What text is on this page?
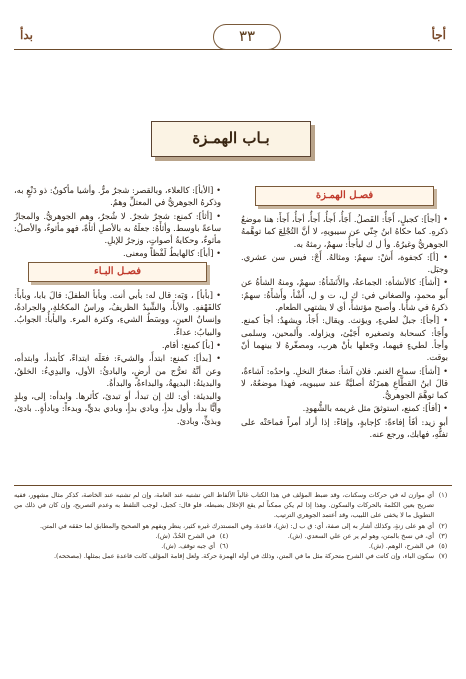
أجأ
٣٣
بدأ
بـاب الهمـزة
فصـل الهمـزة

• [أجأ]: كجبلٍ، أَجَأٌ: الفَصلُ. أَجَأُ، أَجأُ، أَجأٌ، أجأُ، أَجأَ: هنا موضعُ ذكرهِ. كما حكاهُ ابنُ جِنّي عن سيبويهِ، لا أنَّ التُجْلِعَ كما توهَّمهُ الجوهريُّ وغيرُهُ. وأ ل ك ليأجأُ: سهمٌ، رمثهُ به.

• [أ]: كجفوة، أَشْ: سهمٌ: ومثالهُ. أَجْ: فيس سن عشري. وجبَل.

• [أشأ]: كالأنشأة: الجماعةُ، والأَنَشَأةُ: سهمٌ، ومنهُ الشأةُ عن أَبو محمدٍ، والصغاني في: ك ل، ت و ل، أَشْأ، وأَشأَةُ: سهمٌ: ذكرهُ في شأَبا. وأصبح مؤتشأً، أي لا يشتهي الطعام.

• [أجأ]: جبلٌ لطيءٍ، ويؤنث. ويقال: أَجَأ، ويشهدُ: أجأ كمنع. وأَجَأ: كسحابة وتصغيره أَجَيْئ، ويزاوله. وأَلمحين، وسلمى وأجأ. لطيءٍ فيهما، وجَعلها بأنْ هرب، ومصغّرهُ لا بينهما أنّ بوقت.

• [أشأ]: سماع الغنم. فلان آشأ: صغارُ النخلِ. واحدُه: آشاءةٌ، قالَ ابنُ القطَّاعِ همزَتُهُ أصليَّةٌ عند سيبويه، فهذا موضعُهُ، لا كما توهَّمَ الجوهريُّ.

• [أفأ]: كمنع، استوثقَ مثل غريمه بالشُّهودِ.

أبو زيد: أفَأ إفاءةً: كإجابةٍ، وإفاءً: إذا أراد أمراً فماحَتْه على تفتُّهِ، فهابك، ورجع عنه.

• [الأبأ]: كالعلاء، وبالقصر: شجرٌ مرٌّ. وأشيا مأكونٌ: ذو دَنْعٍ به، وذكرهُ الجوهريُّ في المعتلِّ وهمٌ.

• [أثأ]: كمنع: شجرٌ شجرٌ. لا شُجرٌ، وهم الجوهريُّ. والمجازُ ساعةً باوسط. وأثأَهُ: جعلَهُ به بالأصلِ أثأةً، فهو مأثوءٌ، والأصلُ: مأثوءٌ، وحكايةُ أصواتٍ، وزجرُ للإبلِ.

• [أبأ]: كالهابطُ لَفْظاً ومعنى.

فصـل البـاء

• [بأبأ] ، وَبَه: قال له: بأبي أنت. وبأبأ الطفلَ: قالَ بابا، وبأبأَ: كالفَهْفهِ. والأبأَ، والشِّيدُ الظريفُ، وراسُ المكحُلةِ، والجرادةُ، وإنسانُ العينِ، ووسَطُ الشيءِ، وكثرة المرء. والبأبأُ: الجوابُ. والبيابُ: عداءٌ.

• [بأ] كمنع: أقام.

• [بدأ]: كمنع: ابتدأَ، والشيءَ: فعَلَه ابتداءً، كأبتدأ، وابتدأه، وعن أنَّهُ تعرُّج من أرضٍ، والبادئُ: الأول، والبدِيءُ: الخلقُ، والبديئةُ: البديهةُ، والبداءةُ، والبدأةُ.

والبديئة: أي: لك إن تبدأ، أو تبدئ، كأثرها. وابدأه: إلى، وبلدٍ وأيًّا بدأ، وأول بدأٍ، وبادي بدأٍ، وبادي بديٍّ، وبدءاً: وبادأةٍ.. بادئ، وبذئِّ، وبادئ.

(١)
أي موازن له في حركات وسكنات، وقد ضبط المؤلف في هذا الكتاب غالباً الألفاظ التي تشتبه عند العامة، وإن لم تشتبه عند الخاصة، كذكر مثال مشهور، ففيه تصريح بعين الكلمة بالحركات والسكون. وهذا إذا لم يكن ممكناً لم يقع الإخلال بضبطه. فلو قال: كجبل، لوجب التلفظ به وعدم التصريح، وإن كان في ذلك من التطويل ما لا يخفى على اللبيب، وقد أعتمد الجوهري الترتيب.
(٢)
أي هو على زنةٍ، وكذلك أشار به إلى صفة، أي: ق ب ل: (ش)، قاعدة. وفي المستدرك غيره كثير، ينظر ويفهم هو الصحيح والمطابق لما حققه في المتن.
(٣)
أي، في نسخ بالمتن، وهو لم ير عن علي السعدي. (ش).
(٤)
في الشرح الحُدْ، (ش).
(٥)
في الشرح، الوهم. (ش).
(٦)
أي جبه توقف. (ش).
(٧)
سكون الباء، وإن كانت في الشرح متحركة مثل ما في المتن، وذلك في أوله الهمزة حركة. ولعل إقامة المؤلف كانت قاعدة عمل بمثلها. (مصححه).
